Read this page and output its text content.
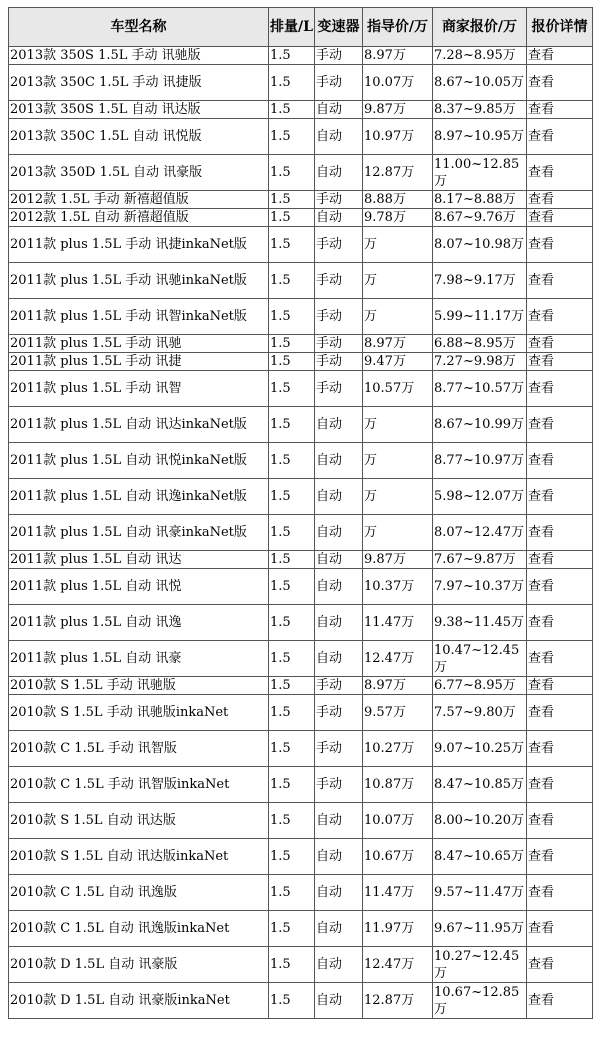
车型名称	排量/L	变速器	指导价/万	商家报价/万	报价详情
2013款 350S 1.5L 手动 讯驰版	1.5	手动	8.97万	7.28~8.95万	查看
2013款 350C 1.5L 手动 讯捷版	1.5	手动	10.07万	8.67~10.05万	查看
2013款 350S 1.5L 自动 讯达版	1.5	自动	9.87万	8.37~9.85万	查看
2013款 350C 1.5L 自动 讯悦版	1.5	自动	10.97万	8.97~10.95万	查看
2013款 350D 1.5L 自动 讯豪版	1.5	自动	12.87万	11.00~12.85万	查看
2012款 1.5L 手动 新禧超值版	1.5	手动	8.88万	8.17~8.88万	查看
2012款 1.5L 自动 新禧超值版	1.5	自动	9.78万	8.67~9.76万	查看
2011款 plus 1.5L 手动 讯捷inkaNet版	1.5	手动	万	8.07~10.98万	查看
2011款 plus 1.5L 手动 讯驰inkaNet版	1.5	手动	万	7.98~9.17万	查看
2011款 plus 1.5L 手动 讯智inkaNet版	1.5	手动	万	5.99~11.17万	查看
2011款 plus 1.5L 手动 讯驰	1.5	手动	8.97万	6.88~8.95万	查看
2011款 plus 1.5L 手动 讯捷	1.5	手动	9.47万	7.27~9.98万	查看
2011款 plus 1.5L 手动 讯智	1.5	手动	10.57万	8.77~10.57万	查看
2011款 plus 1.5L 自动 讯达inkaNet版	1.5	自动	万	8.67~10.99万	查看
2011款 plus 1.5L 自动 讯悦inkaNet版	1.5	自动	万	8.77~10.97万	查看
2011款 plus 1.5L 自动 讯逸inkaNet版	1.5	自动	万	5.98~12.07万	查看
2011款 plus 1.5L 自动 讯豪inkaNet版	1.5	自动	万	8.07~12.47万	查看
2011款 plus 1.5L 自动 讯达	1.5	自动	9.87万	7.67~9.87万	查看
2011款 plus 1.5L 自动 讯悦	1.5	自动	10.37万	7.97~10.37万	查看
2011款 plus 1.5L 自动 讯逸	1.5	自动	11.47万	9.38~11.45万	查看
2011款 plus 1.5L 自动 讯豪	1.5	自动	12.47万	10.47~12.45万	查看
2010款 S 1.5L 手动 讯驰版	1.5	手动	8.97万	6.77~8.95万	查看
2010款 S 1.5L 手动 讯驰版inkaNet	1.5	手动	9.57万	7.57~9.80万	查看
2010款 C 1.5L 手动 讯智版	1.5	手动	10.27万	9.07~10.25万	查看
2010款 C 1.5L 手动 讯智版inkaNet	1.5	手动	10.87万	8.47~10.85万	查看
2010款 S 1.5L 自动 讯达版	1.5	自动	10.07万	8.00~10.20万	查看
2010款 S 1.5L 自动 讯达版inkaNet	1.5	自动	10.67万	8.47~10.65万	查看
2010款 C 1.5L 自动 讯逸版	1.5	自动	11.47万	9.57~11.47万	查看
2010款 C 1.5L 自动 讯逸版inkaNet	1.5	自动	11.97万	9.67~11.95万	查看
2010款 D 1.5L 自动 讯豪版	1.5	自动	12.47万	10.27~12.45万	查看
2010款 D 1.5L 自动 讯豪版inkaNet	1.5	自动	12.87万	10.67~12.85万	查看
